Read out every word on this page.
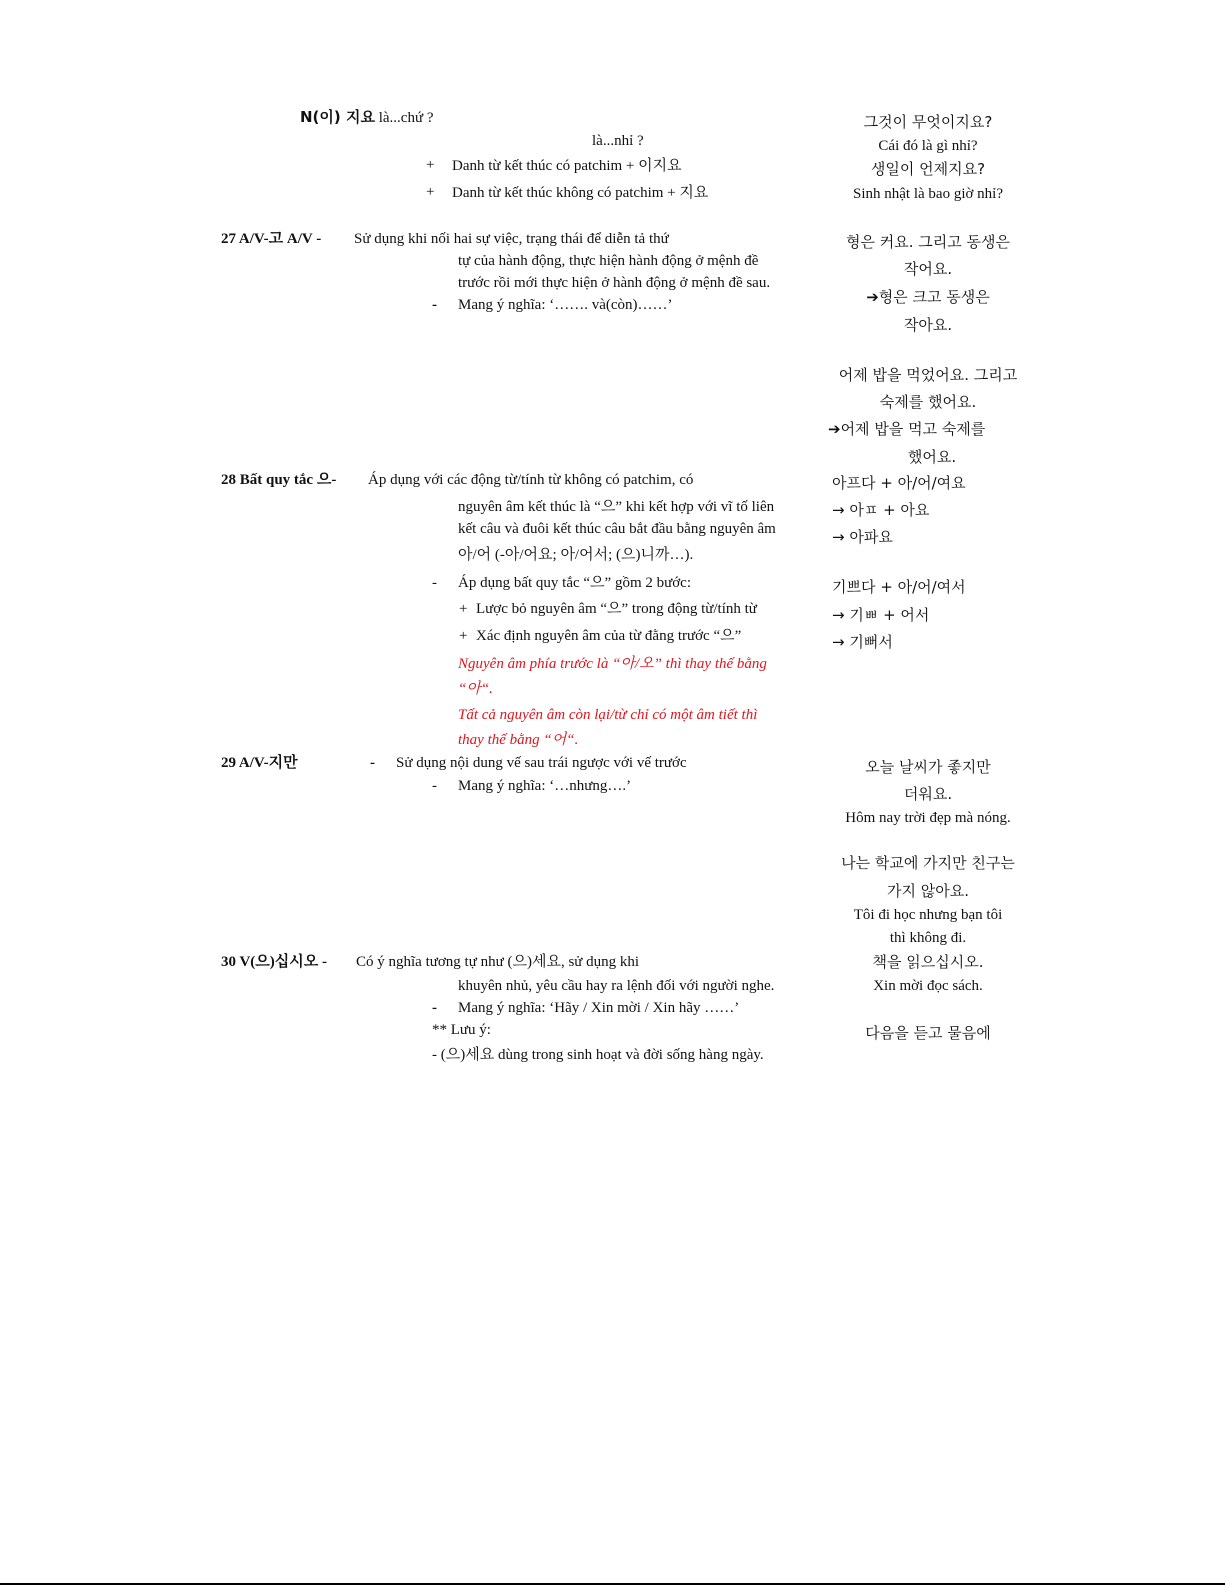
N(이) 지요 là...chứ ?
là...nhỉ ?
+ Danh từ kết thúc có patchim + 이지요
+ Danh từ kết thúc không có patchim + 지요
그것이 무엇이지요?
Cái đó là gì nhỉ?
생일이 언제지요?
Sinh nhật là bao giờ nhỉ?
27 A/V-고 A/V - Sử dụng khi nối hai sự việc, trạng thái để diễn tả thứ
tự của hành động, thực hiện hành động ở mệnh đề
trước rồi mới thực hiện ở hành động ở mệnh đề sau.
- Mang ý nghĩa: ‘……. và(còn)……’
형은 커요. 그리고 동생은
작어요.
➔형은 크고 동생은
작아요.
어제 밥을 먹었어요. 그리고
숙제를 했어요.
➔어제 밥을 먹고 숙제를
했어요.
28 Bất quy tắc 으- Áp dụng với các động từ/tính từ không có patchim, có
nguyên âm kết thúc là “으” khi kết hợp với vĩ tố liên
kết câu và đuôi kết thúc câu bắt đầu bằng nguyên âm
아/어 (-아/어요; 아/어서; (으)니까…).
- Áp dụng bất quy tắc “으” gồm 2 bước:
+ Lược bỏ nguyên âm “으” trong động từ/tính từ
+ Xác định nguyên âm của từ đằng trước “으”
Nguyên âm phía trước là “아/오” thì thay thế bằng
“아“.
Tất cả nguyên âm còn lại/từ chỉ có một âm tiết thì
thay thế bằng “어“.
아프다 + 아/어/여요
→ 아ㅍ + 아요
→ 아파요
기쁘다 + 아/어/여서
→ 기ㅃ + 어서
→ 기뻐서
29 A/V-지만	- Sử dụng nội dung vế sau trái ngược với vế trước
- Mang ý nghĩa: ‘…nhưng….’
오늘 날씨가 좋지만
더워요.
Hôm nay trời đẹp mà nóng.
나는 학교에 가지만 친구는
가지 않아요.
Tôi đi học nhưng bạn tôi
thì không đi.
30 V(으)십시오 - Có ý nghĩa tương tự như (으)세요, sử dụng khi
khuyên nhủ, yêu cầu hay ra lệnh đối với người nghe.
- Mang ý nghĩa: ‘Hãy / Xin mời / Xin hãy ……’
** Lưu ý:
- (으)세요 dùng trong sinh hoạt và đời sống hàng ngày.
책을 읽으십시오.
Xin mời đọc sách.
다음을 듣고 물음에
